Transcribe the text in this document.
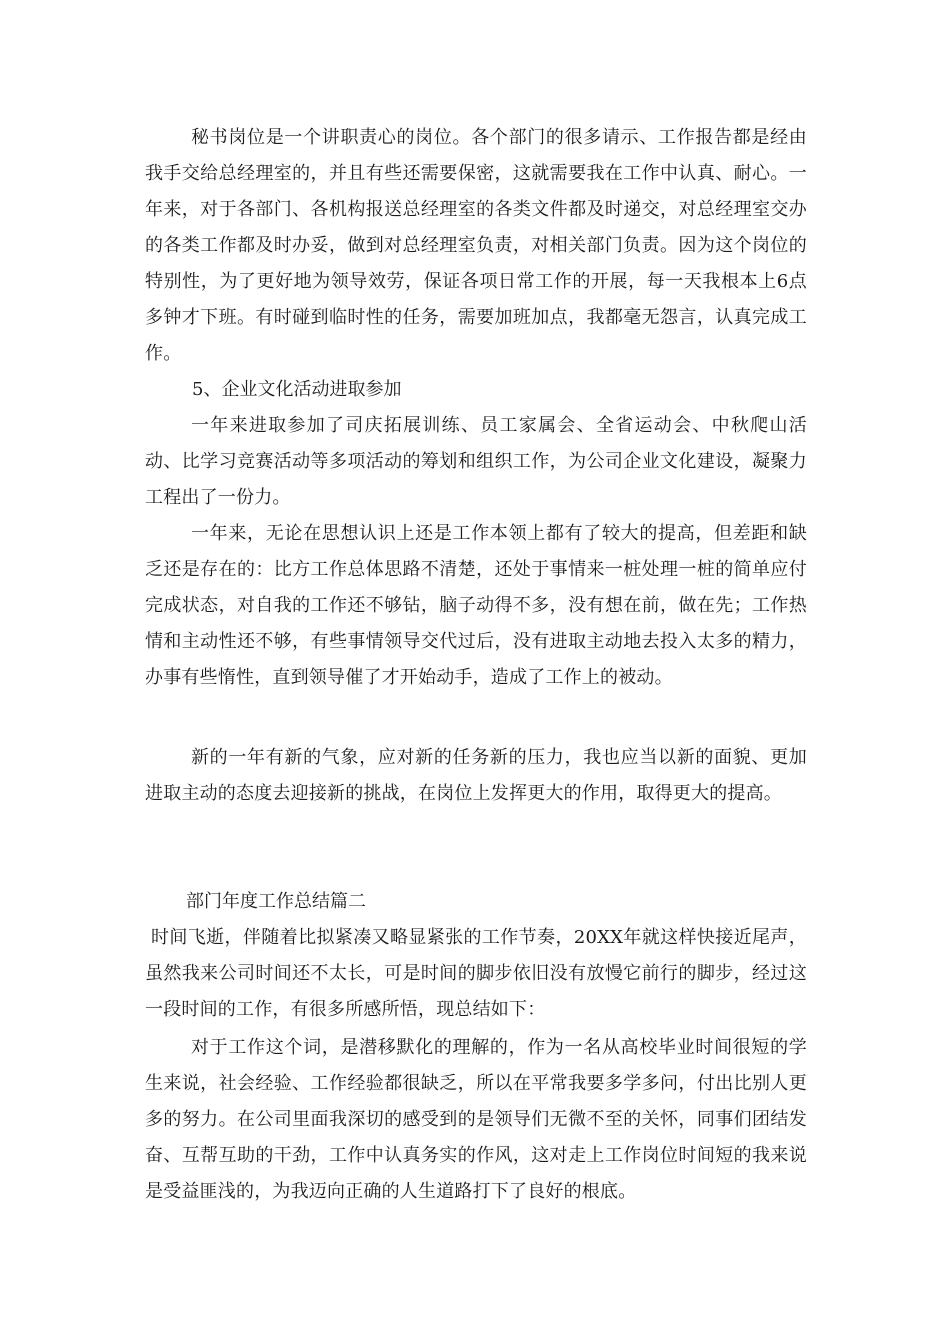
秘书岗位是一个讲职责心的岗位。各个部门的很多请示、工作报告都是经由我手交给总经理室的，并且有些还需要保密，这就需要我在工作中认真、耐心。一年来，对于各部门、各机构报送总经理室的各类文件都及时递交，对总经理室交办的各类工作都及时办妥，做到对总经理室负责，对相关部门负责。因为这个岗位的特别性，为了更好地为领导效劳，保证各项日常工作的开展，每一天我根本上6点多钟才下班。有时碰到临时性的任务，需要加班加点，我都毫无怨言，认真完成工作。

5、企业文化活动进取参加

一年来进取参加了司庆拓展训练、员工家属会、全省运动会、中秋爬山活动、比学习竞赛活动等多项活动的筹划和组织工作，为公司企业文化建设，凝聚力工程出了一份力。

一年来，无论在思想认识上还是工作本领上都有了较大的提高，但差距和缺乏还是存在的：比方工作总体思路不清楚，还处于事情来一桩处理一桩的简单应付完成状态，对自我的工作还不够钻，脑子动得不多，没有想在前，做在先；工作热情和主动性还不够，有些事情领导交代过后，没有进取主动地去投入太多的精力，办事有些惰性，直到领导催了才开始动手，造成了工作上的被动。

新的一年有新的气象，应对新的任务新的压力，我也应当以新的面貌、更加进取主动的态度去迎接新的挑战，在岗位上发挥更大的作用，取得更大的提高。

部门年度工作总结篇二

时间飞逝，伴随着比拟紧凑又略显紧张的工作节奏，20XX年就这样快接近尾声，虽然我来公司时间还不太长，可是时间的脚步依旧没有放慢它前行的脚步，经过这一段时间的工作，有很多所感所悟，现总结如下：

对于工作这个词，是潜移默化的理解的，作为一名从高校毕业时间很短的学生来说，社会经验、工作经验都很缺乏，所以在平常我要多学多问，付出比别人更多的努力。在公司里面我深切的感受到的是领导们无微不至的关怀，同事们团结发奋、互帮互助的干劲，工作中认真务实的作风，这对走上工作岗位时间短的我来说是受益匪浅的，为我迈向正确的人生道路打下了良好的根底。
